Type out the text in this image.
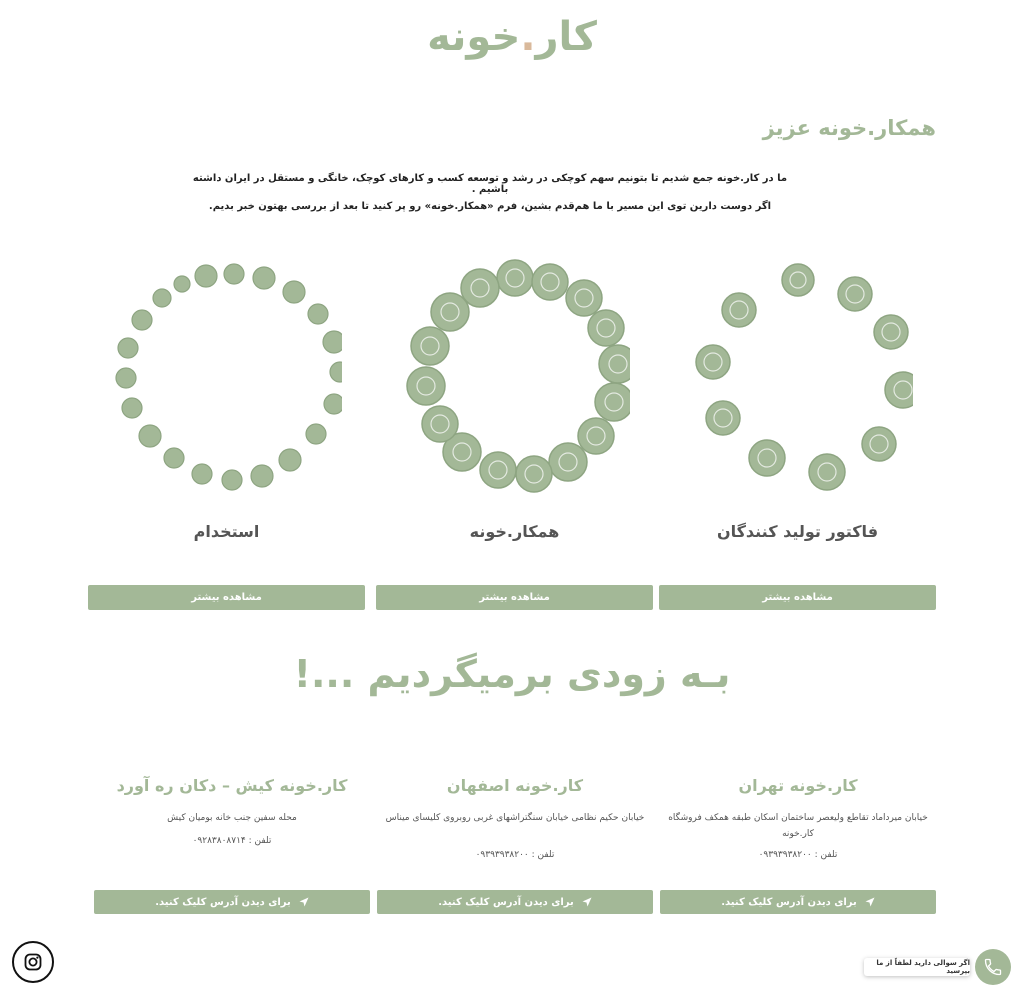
کار.خونه
همکار.خونه عزیز
ما در کار.خونه جمع شدیم تا بتونیم سهم کوچکی در رشد و توسعه کسب و کارهای کوچک، خانگی و مستقل در ایران داشته باشیم .
اگر دوست دارین توی این مسیر با ما هم‌قدم بشین، فرم «همکار.خونه» رو پر کنید تا بعد از بررسی بهتون خبر بدیم.
فاکتور تولید کنندگان
مشاهده بیشتر
همکار.خونه
مشاهده بیشتر
استخدام
مشاهده بیشتر
بـه زودی برمیگردیم ...!
کار.خونه تهران
خیابان میرداماد تقاطع ولیعصر ساختمان اسکان طبقه همکف فروشگاه کار.خونه
تلفن : ۰۹۳۹۳۹۳۸۲۰۰
برای دیدن آدرس کلیک کنید.
کار.خونه اصفهان
خیابان حکیم نظامی خیابان سنگتراشهای غربی روبروی کلیسای میناس
تلفن : ۰۹۳۹۳۹۳۸۲۰۰
برای دیدن آدرس کلیک کنید.
کار.خونه کیش – دکان ره آورد
محله سفین جنب خانه بومیان کیش
تلفن : ۰۹۲۸۳۸۰۸۷۱۴
برای دیدن آدرس کلیک کنید.
اگر سوالی دارید لطفاً از ما بپرسید
